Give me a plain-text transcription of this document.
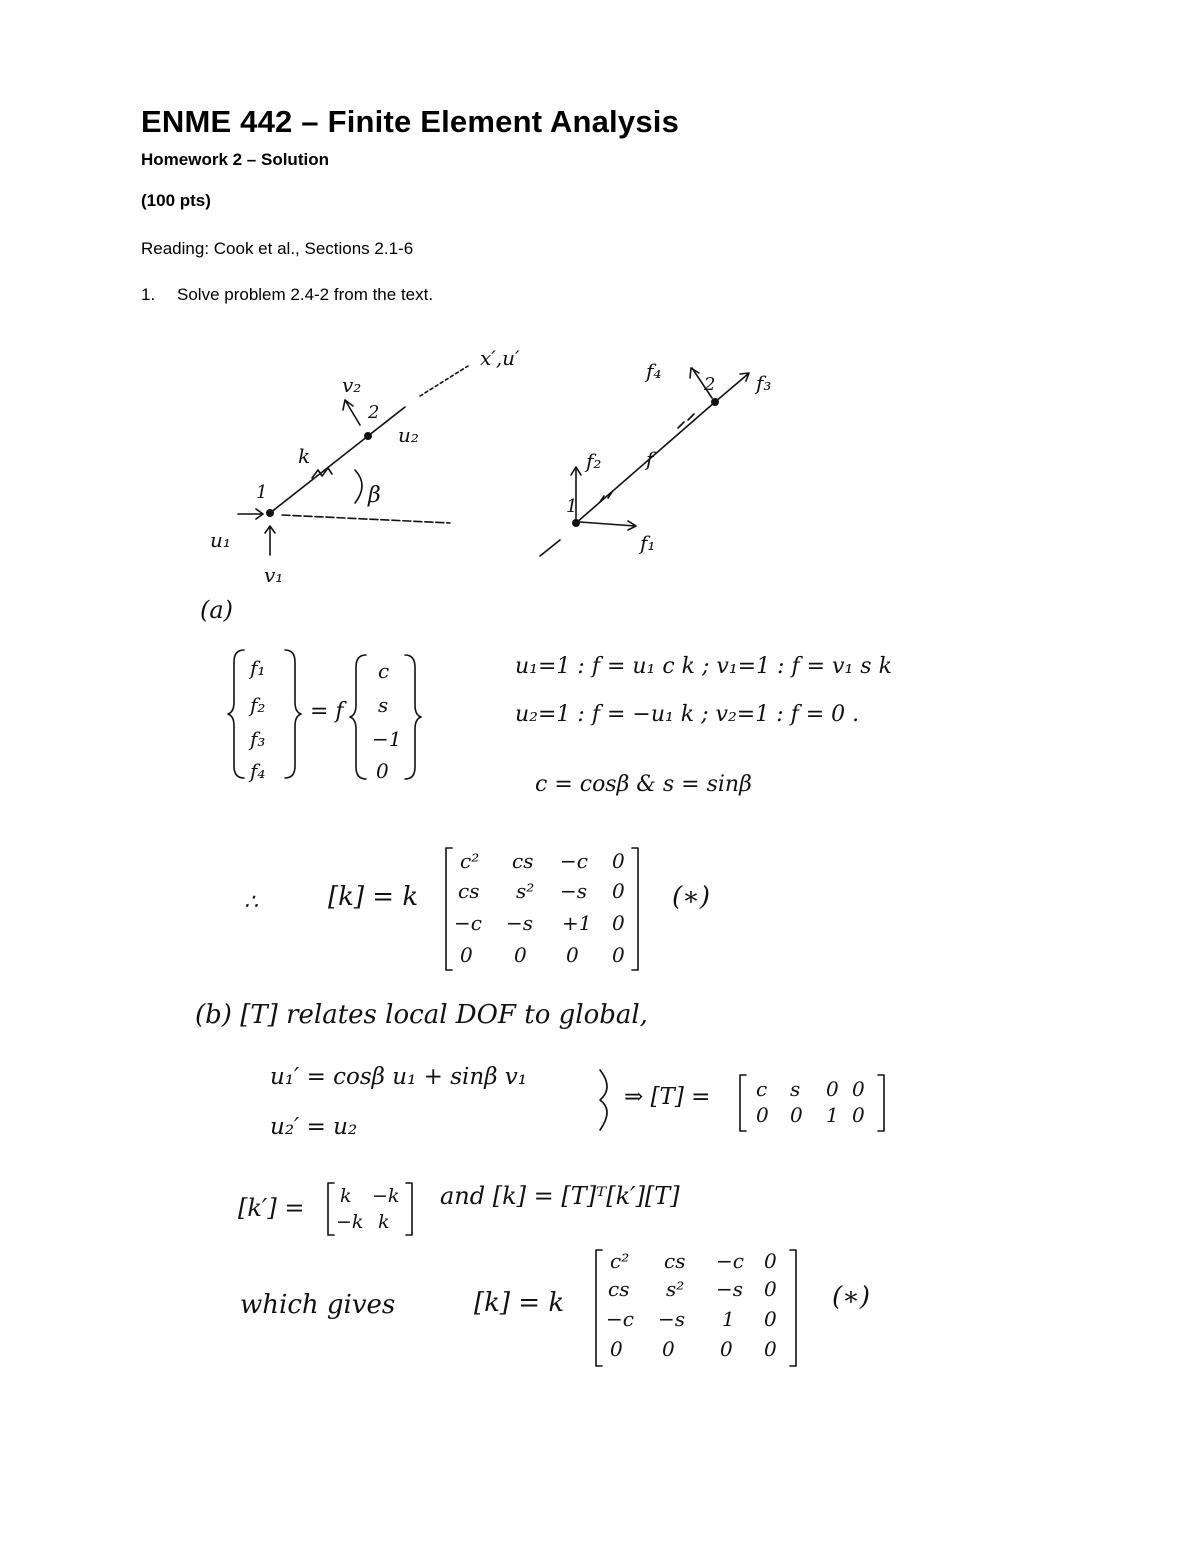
ENME 442 – Finite Element Analysis
Homework 2 – Solution
(100 pts)
Reading: Cook et al., Sections 2.1-6
1. Solve problem 2.4-2 from the text.
x′,u′
v₂
2
u₂
k
1	β
u₁
v₁
f₄
2 f₃
f₂ f
1
f₁
f₁
f₂
f₃
f₄
= f
c
s
−1
0
c² cs −c 0
cs s² −s 0
−c −s +1 0
0 0 0 0
c s 0 0
0 0 1 0
k −k
−k k
c² cs −c 0
cs s² −s 0
−c −s 1 0
0 0 0 0
(a)
u₁=1 : f = u₁ c k ; v₁=1 : f = v₁ s k
u₂=1 : f = −u₁ k ; v₂=1 : f = 0 .
c = cosβ & s = sinβ
∴	[k] = k	(∗)
(b) [T] relates local DOF to global,
u₁′ = cosβ u₁ + sinβ v₁
u₂′ = u₂
⇒ [T] =
[k′] =	and [k] = [T]ᵀ[k′][T]
which gives	[k] = k	(∗)
